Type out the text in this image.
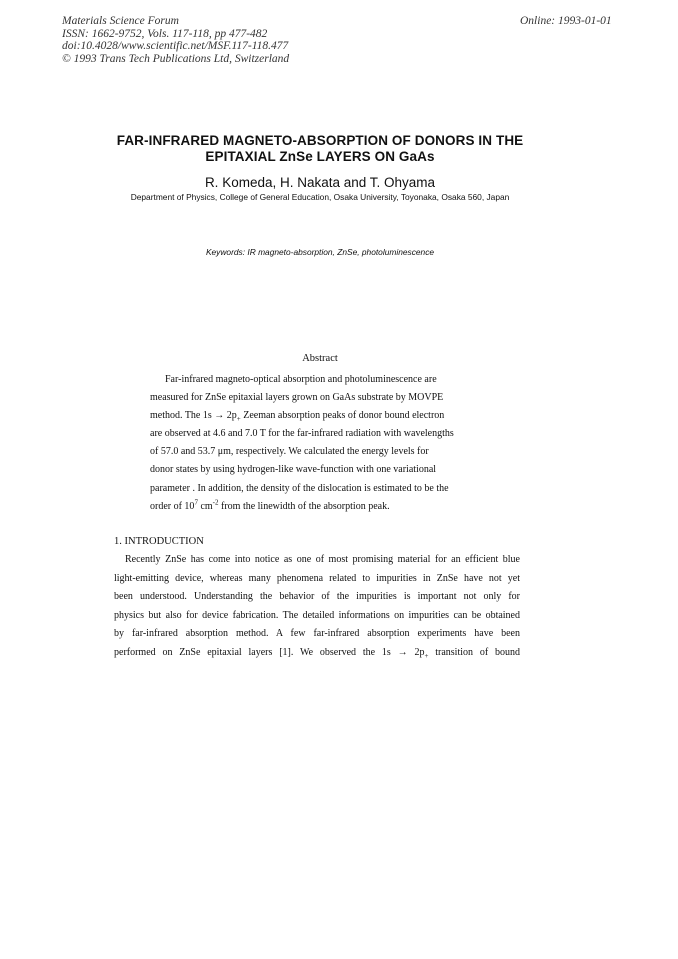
Materials Science Forum
ISSN: 1662-9752, Vols. 117-118, pp 477-482
doi:10.4028/www.scientific.net/MSF.117-118.477
© 1993 Trans Tech Publications Ltd, Switzerland
Online: 1993-01-01
FAR-INFRARED MAGNETO-ABSORPTION OF DONORS IN THE
EPITAXIAL ZnSe LAYERS ON GaAs
R. Komeda, H. Nakata and T. Ohyama
Department of Physics, College of General Education, Osaka University, Toyonaka, Osaka 560, Japan
Keywords: IR magneto-absorption, ZnSe, photoluminescence
Abstract
Far-infrared magneto-optical absorption and photoluminescence are
measured for ZnSe epitaxial layers grown on GaAs substrate by MOVPE
method. The $1s \to 2p_+$ Zeeman absorption peaks of donor bound electron
are observed at 4.6 and 7.0 T for the far-infrared radiation with wavelengths
of 57.0 and 53.7 μm, respectively. We calculated the energy levels for
donor states by using hydrogen-like wave-function with one variational
parameter . In addition, the density of the dislocation is estimated to be the
order of $10^7$ $cm^{-2}$ from the linewidth of the absorption peak.
1. INTRODUCTION
Recently ZnSe has come into notice as one of most promising material for an efficient blue
light-emitting device, whereas many phenomena related to impurities in ZnSe have not yet
been understood. Understanding the behavior of the impurities is important not only for
physics but also for device fabrication. The detailed informations on impurities can be obtained
by far-infrared absorption method. A few far-infrared absorption experiments have been
performed on ZnSe epitaxial layers [1]. We observed the $1s \to 2p_+$ transition of bound
